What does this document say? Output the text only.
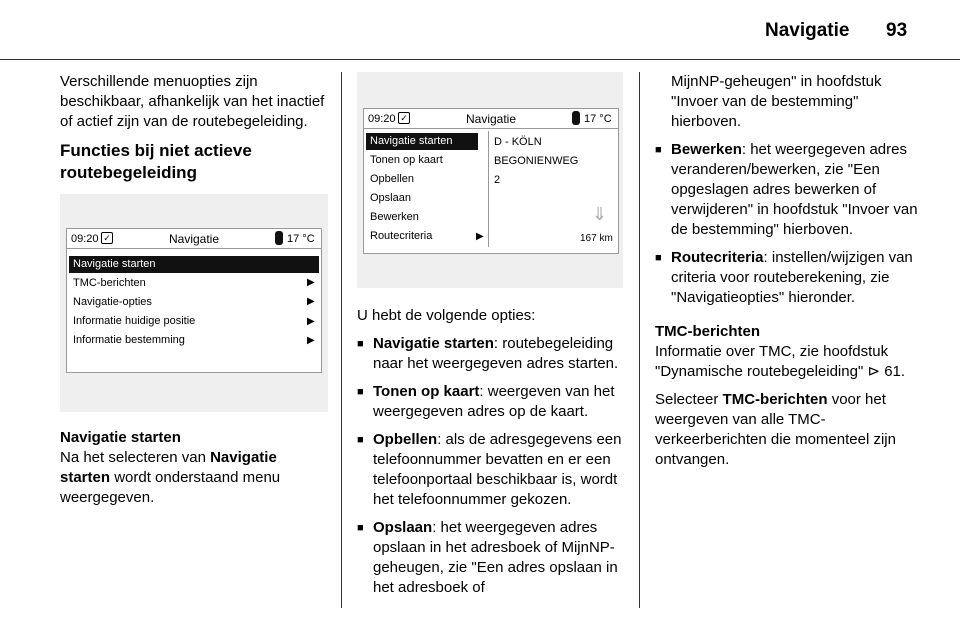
Navigatie 93

Verschillende menuopties zijn beschikbaar, afhankelijk van het inactief of actief zijn van de routebegeleiding.

Functies bij niet actieve routebegeleiding
09:20 ✓	Navigatie	17 °C
Navigatie starten
TMC-berichten	▶
Navigatie-opties	▶
Informatie huidige positie	▶
Informatie bestemming	▶
Navigatie starten

Na het selecteren van Navigatie starten wordt onderstaand menu weergegeven.

09:20 ✓	Navigatie	17 °C
Navigatie starten
Tonen op kaart
Opbellen
Opslaan
Bewerken
Routecriteria	▶
D - KÖLN
BEGONIENWEG
2
⇓
167 km

U hebt de volgende opties:

■ Navigatie starten: routebegeleiding naar het weergegeven adres starten.
■ Tonen op kaart: weergeven van het weergegeven adres op de kaart.
■ Opbellen: als de adresgegevens een telefoonnummer bevatten en er een telefoonportaal beschikbaar is, wordt het telefoonnummer gekozen.
■ Opslaan: het weergegeven adres opslaan in het adresboek of MijnNP-geheugen, zie "Een adres opslaan in het adresboek of

MijnNP-geheugen" in hoofdstuk "Invoer van de bestemming" hierboven.

■ Bewerken: het weergegeven adres veranderen/bewerken, zie "Een opgeslagen adres bewerken of verwijderen" in hoofdstuk "Invoer van de bestemming" hierboven.
■ Routecriteria: instellen/wijzigen van criteria voor routeberekening, zie "Navigatieopties" hieronder.
TMC-berichten

Informatie over TMC, zie hoofdstuk "Dynamische routebegeleiding" ⊳ 61.

Selecteer TMC-berichten voor het weergeven van alle TMC-verkeerberichten die momenteel zijn ontvangen.
